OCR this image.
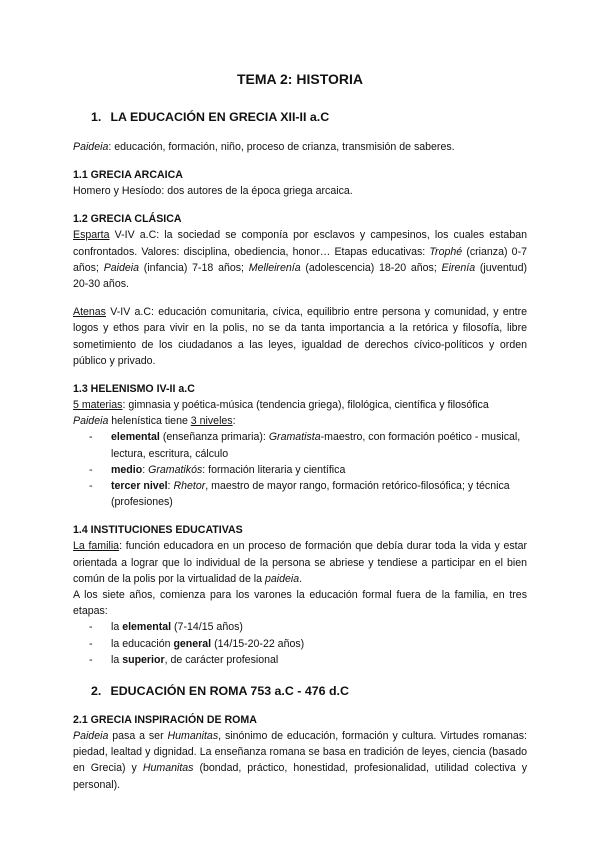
TEMA 2: HISTORIA
1. LA EDUCACIÓN EN GRECIA XII-II a.C

Paideia: educación, formación, niño, proceso de crianza, transmisión de saberes.

1.1 GRECIA ARCAICA

Homero y Hesíodo: dos autores de la época griega arcaica.

1.2 GRECIA CLÁSICA

Esparta V-IV a.C: la sociedad se componía por esclavos y campesinos, los cuales estaban confrontados. Valores: disciplina, obediencia, honor… Etapas educativas: Trophé (crianza) 0-7 años; Paideia (infancia) 7-18 años; Melleirenía (adolescencia) 18-20 años; Eirenía (juventud) 20-30 años.

Atenas V-IV a.C: educación comunitaria, cívica, equilibrio entre persona y comunidad, y entre logos y ethos para vivir en la polis, no se da tanta importancia a la retórica y filosofía, libre sometimiento de los ciudadanos a las leyes, igualdad de derechos cívico-políticos y orden público y privado.

1.3 HELENISMO IV-II a.C

5 materias: gimnasia y poética-música (tendencia griega), filológica, científica y filosófica

Paideia helenística tiene 3 niveles:

- elemental (enseñanza primaria): Gramatista-maestro, con formación poético - musical, lectura, escritura, cálculo
- medio: Gramatikós: formación literaria y científica
- tercer nivel: Rhetor, maestro de mayor rango, formación retórico-filosófica; y técnica (profesiones)
1.4 INSTITUCIONES EDUCATIVAS

La familia: función educadora en un proceso de formación que debía durar toda la vida y estar orientada a lograr que lo individual de la persona se abriese y tendiese a participar en el bien común de la polis por la virtualidad de la paideia.

A los siete años, comienza para los varones la educación formal fuera de la familia, en tres etapas:

- la elemental (7-14/15 años)
- la educación general (14/15-20-22 años)
- la superior, de carácter profesional
2. EDUCACIÓN EN ROMA 753 a.C - 476 d.C
2.1 GRECIA INSPIRACIÓN DE ROMA

Paideia pasa a ser Humanitas, sinónimo de educación, formación y cultura. Virtudes romanas: piedad, lealtad y dignidad. La enseñanza romana se basa en tradición de leyes, ciencia (basado en Grecia) y Humanitas (bondad, práctico, honestidad, profesionalidad, utilidad colectiva y personal).
